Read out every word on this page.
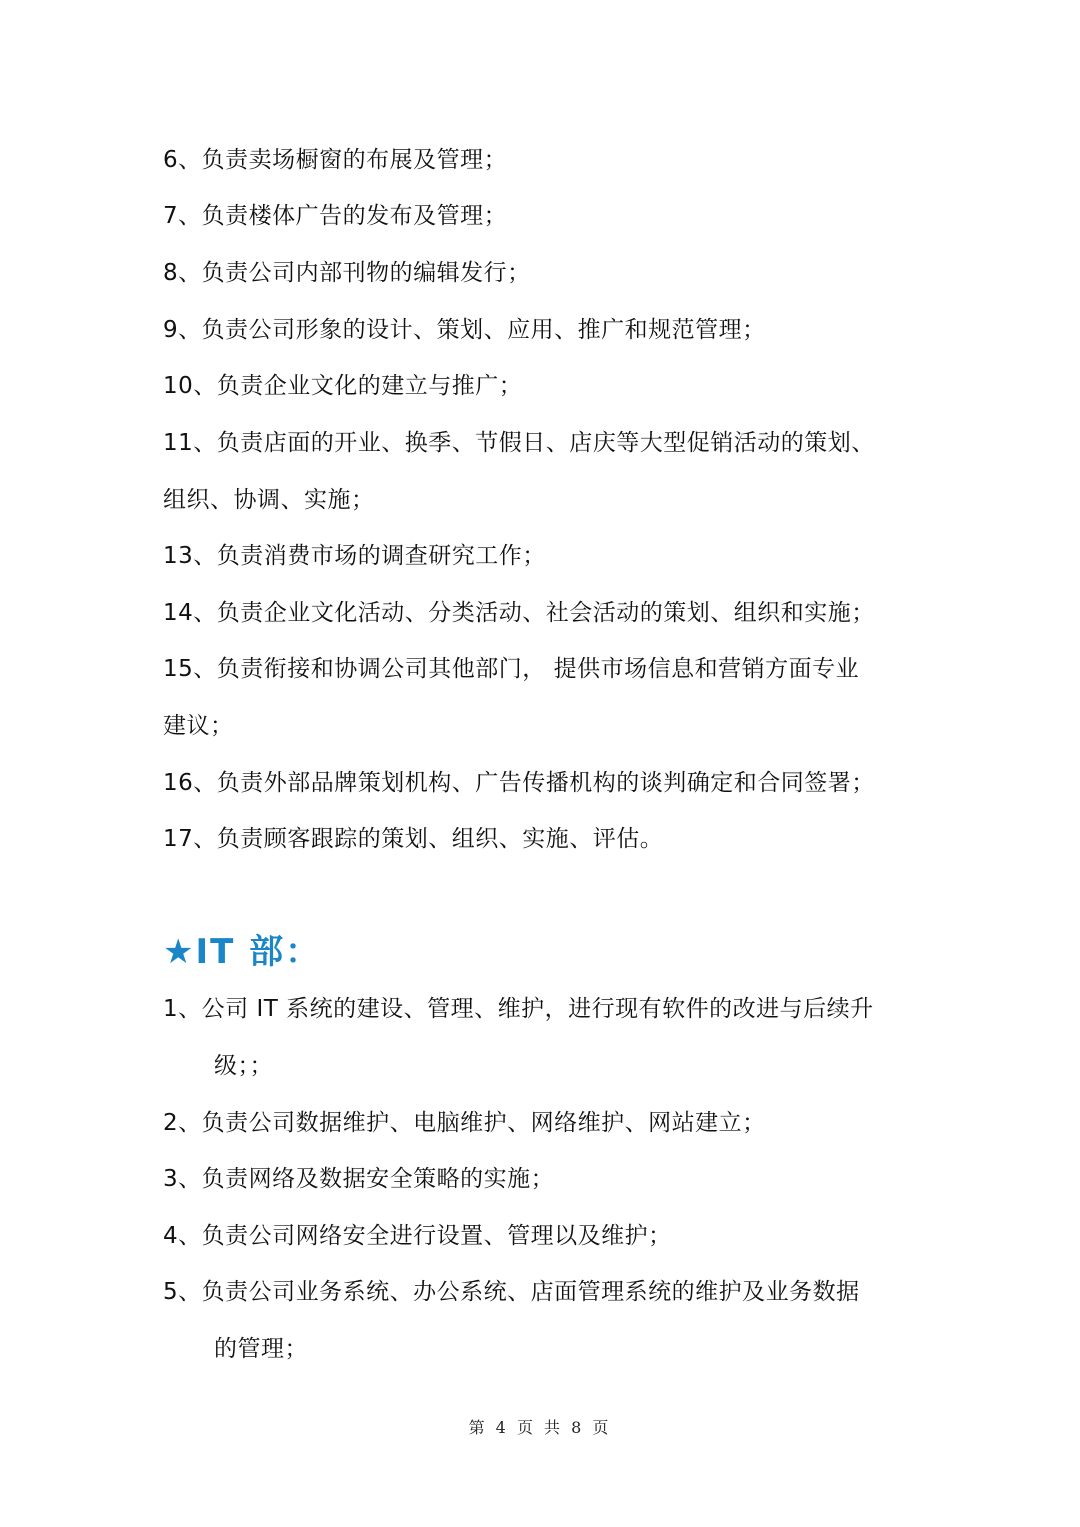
6、负责卖场橱窗的布展及管理；
7、负责楼体广告的发布及管理；
8、负责公司内部刊物的编辑发行；
9、负责公司形象的设计、策划、应用、推广和规范管理；
10、负责企业文化的建立与推广；
11、负责店面的开业、换季、节假日、店庆等大型促销活动的策划、
组织、协调、实施；
13、负责消费市场的调查研究工作；
14、负责企业文化活动、分类活动、社会活动的策划、组织和实施；
15、负责衔接和协调公司其他部门， 提供市场信息和营销方面专业
建议；
16、负责外部品牌策划机构、广告传播机构的谈判确定和合同签署；
17、负责顾客跟踪的策划、组织、实施、评估。
★IT 部：
1、公司 IT 系统的建设、管理、维护，进行现有软件的改进与后续升
级；；
2、负责公司数据维护、电脑维护、网络维护、网站建立；
3、负责网络及数据安全策略的实施；
4、负责公司网络安全进行设置、管理以及维护；
5、负责公司业务系统、办公系统、店面管理系统的维护及业务数据
的管理；
第 4 页 共 8 页
